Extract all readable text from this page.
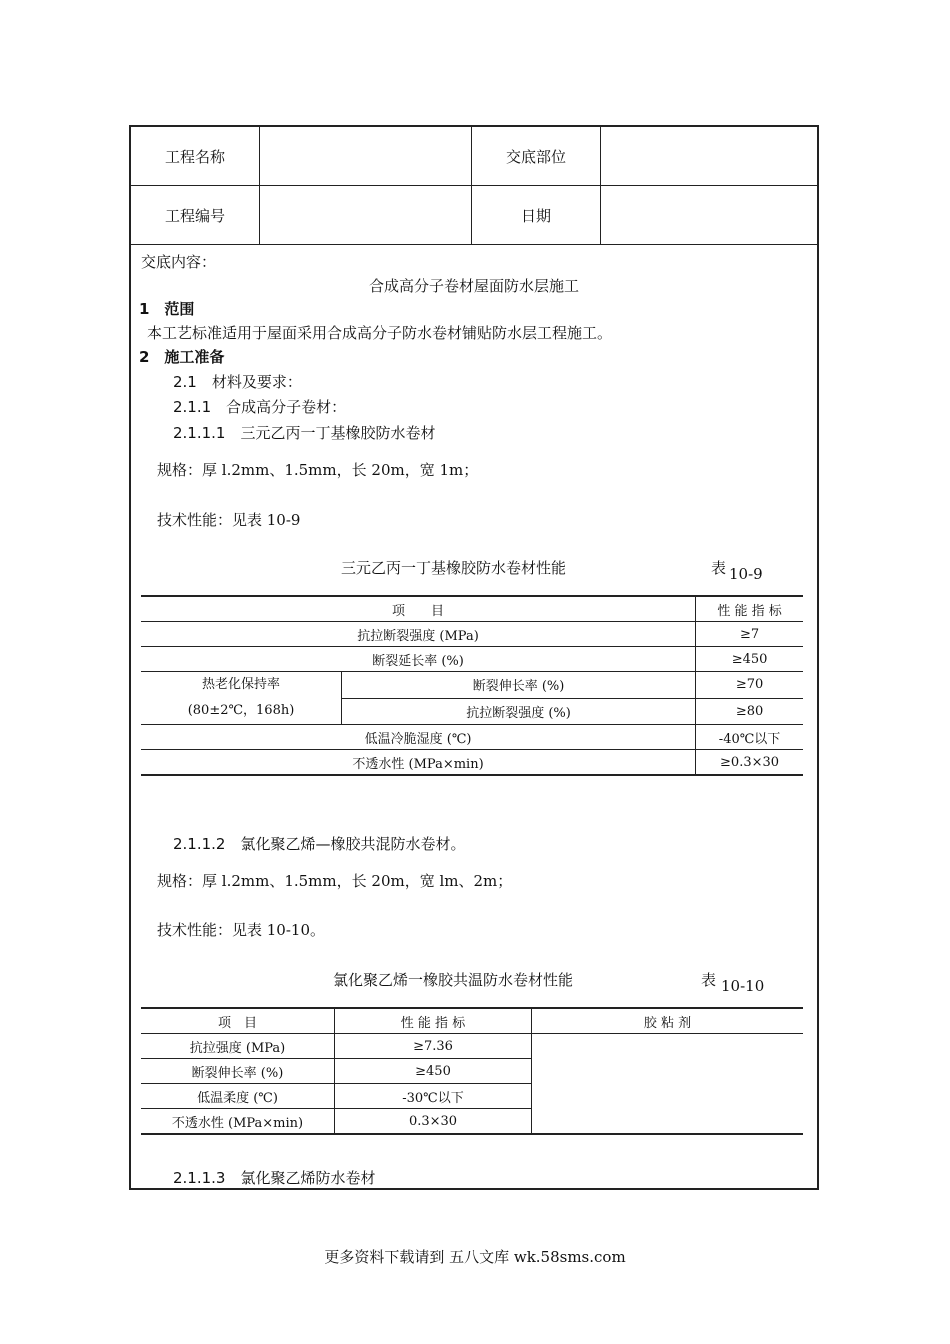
工程名称		交底部位	
工程编号		日期	
交底内容：
合成高分子卷材屋面防水层施工
1　范围
本工艺标准适用于屋面采用合成高分子防水卷材铺贴防水层工程施工。
2　施工准备
2.1　材料及要求：
2.1.1　合成高分子卷材：
2.1.1.1　三元乙丙一丁基橡胶防水卷材
规格：厚 l.2mm、1.5mm，长 20m，宽 1m；
技术性能：见表 10-9
三元乙丙一丁基橡胶防水卷材性能	表 10-9
项　　目		性 能 指 标
抗拉断裂强度 (MPa)		≥7
断裂延长率 (%)		≥450

热老化保持率
(80±2℃，168h)	断裂伸长率 (%)	≥70
	抗拉断裂强度 (%)	≥80
低温冷脆湿度 (℃)		-40℃以下
不透水性 (MPa×min)		≥0.3×30
2.1.1.2　氯化聚乙烯—橡胶共混防水卷材。
规格：厚 l.2mm、1.5mm，长 20m，宽 lm、2m；
技术性能：见表 10-10。
氯化聚乙烯一橡胶共温防水卷材性能	表 10-10
项　目	性 能 指 标	胶 粘 剂
抗拉强度 (MPa)	≥7.36	
断裂伸长率 (%)	≥450	
低温柔度 (℃)	-30℃以下	
不透水性 (MPa×min)	0.3×30	
2.1.1.3　氯化聚乙烯防水卷材
更多资料下载请到 五八文库 wk.58sms.com
